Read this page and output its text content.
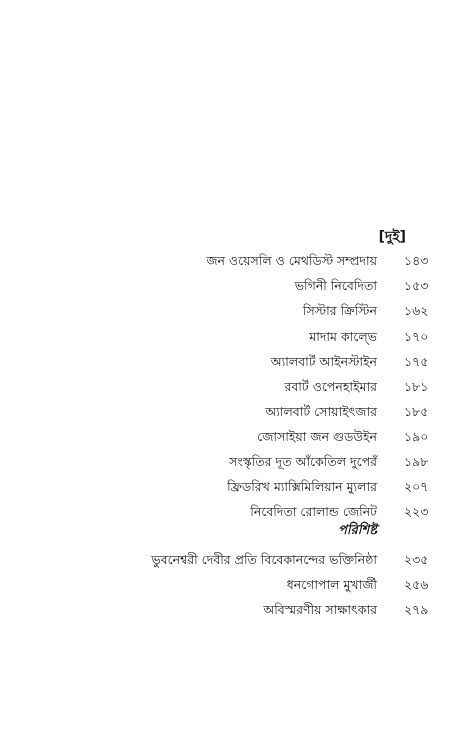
[দুই]
জন ওয়েসলি ও মেথডিস্ট সম্প্রদায় ১৪৩
ভগিনী নিবেদিতা ১৫৩
সিস্টার ক্রিস্টিন ১৬২
মাদাম কাল্ভে ১৭০
অ্যালবার্ট আইনস্টাইন ১৭৫
রবার্ট ওপেনহাইমার ১৮১
অ্যালবার্ট সোয়াইৎজার ১৮৫
জোসাইয়া জন গুডউইন ১৯০
সংস্কৃতির দূত আঁকেতিল দুপেরঁ ১৯৮
ফ্রিডরিখ ম্যাক্সিমিলিয়ান ম্যুলার ২০৭
নিবেদিতা রোলান্ড জেনিট ২২৩
পরিশিষ্ট
ভুবনেশ্বরী দেবীর প্রতি বিবেকানন্দের ভক্তিনিষ্ঠা ২৩৫
ধনগোপাল মুখার্জী ২৫৬
অবিস্মরণীয় সাক্ষাৎকার ২৭৯
